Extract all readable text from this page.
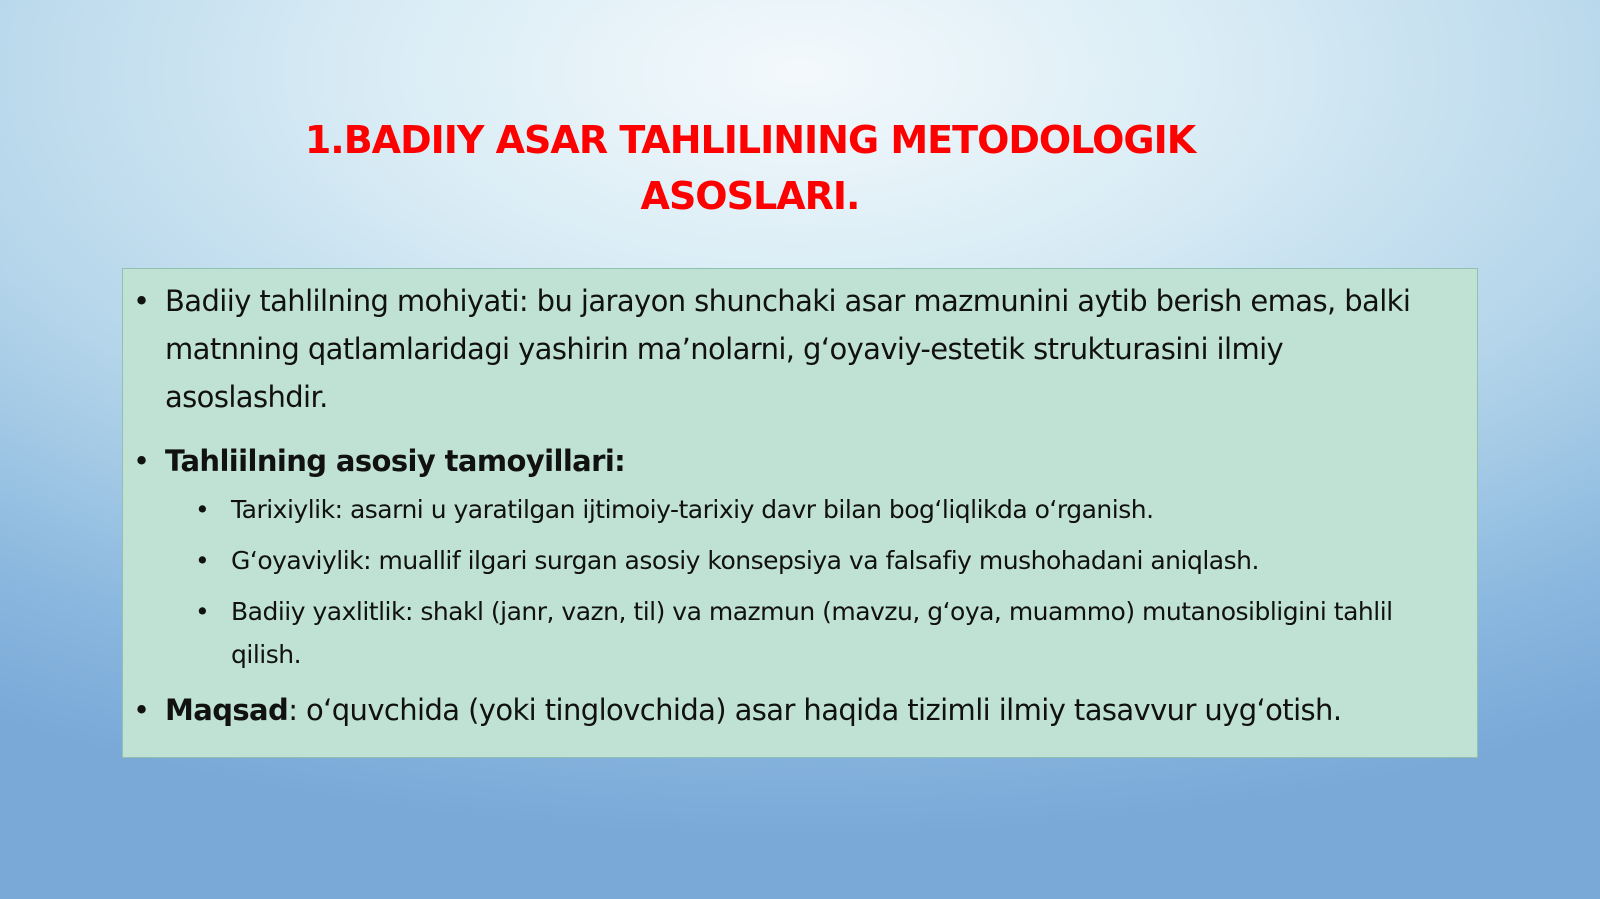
1.BADIIY ASAR TAHLILINING METODOLOGIK ASOSLARI.
• Badiiy tahlilning mohiyati: bu jarayon shunchaki asar mazmunini aytib berish emas, balki matnning qatlamlaridagi yashirin ma’nolarni, g‘oyaviy-estetik strukturasini ilmiy asoslashdir.
• Tahliilning asosiy tamoyillari:
• Tarixiylik: asarni u yaratilgan ijtimoiy-tarixiy davr bilan bog‘liqlikda o‘rganish.
• G‘oyaviylik: muallif ilgari surgan asosiy konsepsiya va falsafiy mushohadani aniqlash.
• Badiiy yaxlitlik: shakl (janr, vazn, til) va mazmun (mavzu, g‘oya, muammo) mutanosibligini tahlil qilish.
• Maqsad: o‘quvchida (yoki tinglovchida) asar haqida tizimli ilmiy tasavvur uyg‘otish.
